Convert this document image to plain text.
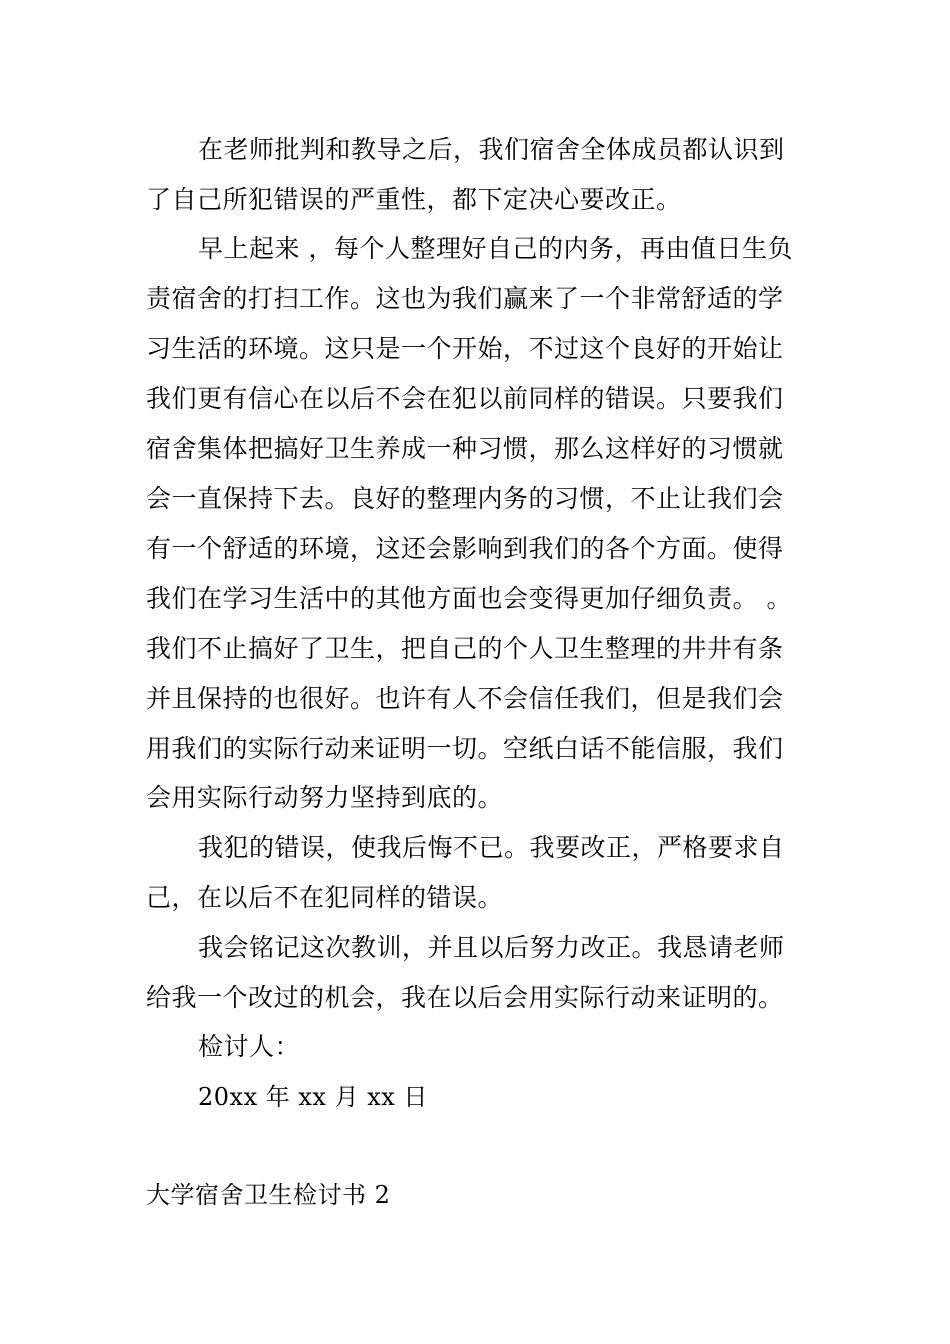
在老师批判和教导之后，我们宿舍全体成员都认识到
了自己所犯错误的严重性，都下定决心要改正。
早上起来 ，每个人整理好自己的内务，再由值日生负
责宿舍的打扫工作。这也为我们赢来了一个非常舒适的学
习生活的环境。这只是一个开始，不过这个良好的开始让
我们更有信心在以后不会在犯以前同样的错误。只要我们
宿舍集体把搞好卫生养成一种习惯，那么这样好的习惯就
会一直保持下去。良好的整理内务的习惯，不止让我们会
有一个舒适的环境，这还会影响到我们的各个方面。使得
我们在学习生活中的其他方面也会变得更加仔细负责。 。
我们不止搞好了卫生，把自己的个人卫生整理的井井有条
并且保持的也很好。也许有人不会信任我们，但是我们会
用我们的实际行动来证明一切。空纸白话不能信服，我们
会用实际行动努力坚持到底的。
我犯的错误，使我后悔不已。我要改正，严格要求自
己，在以后不在犯同样的错误。
我会铭记这次教训，并且以后努力改正。我恳请老师
给我一个改过的机会，我在以后会用实际行动来证明的。
检讨人：
20xx 年 xx 月 xx 日
大学宿舍卫生检讨书 2
